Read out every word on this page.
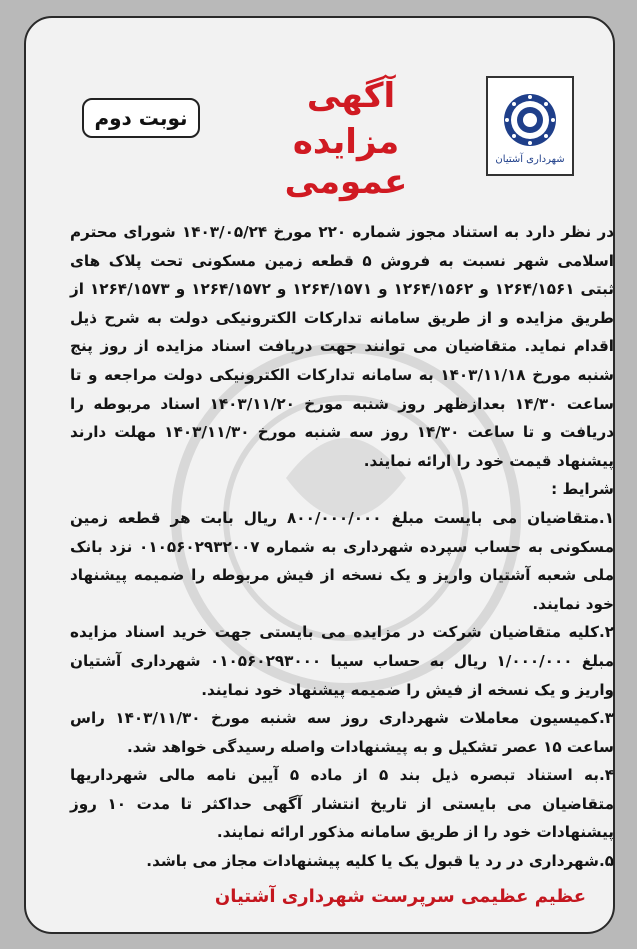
شهرداری آشتیان
آگهی
مزایده عمومی
نوبت دوم

در نظر دارد به استناد مجوز شماره ۲۲۰ مورخ ۱۴۰۳/۰۵/۲۴ شورای محترم اسلامی شهر نسبت به فروش ۵ قطعه زمین مسکونی تحت پلاک های ثبتی ۱۲۶۴/۱۵۶۱ و ۱۲۶۴/۱۵۶۲ و ۱۲۶۴/۱۵۷۱ و ۱۲۶۴/۱۵۷۲ و ۱۲۶۴/۱۵۷۳ از طریق مزایده و از طریق سامانه تدارکات الکترونیکی دولت به شرح ذیل اقدام نماید. متقاضیان می توانند جهت دریافت اسناد مزایده از روز پنج شنبه مورخ ۱۴۰۳/۱۱/۱۸ به سامانه تدارکات الکترونیکی دولت مراجعه و تا ساعت ۱۴/۳۰ بعدازظهر روز شنبه مورخ ۱۴۰۳/۱۱/۲۰ اسناد مربوطه را دریافت و تا ساعت ۱۴/۳۰ روز سه شنبه مورخ ۱۴۰۳/۱۱/۳۰ مهلت دارند پیشنهاد قیمت خود را ارائه نمایند.

شرایط :

۱.متقاضیان می بایست مبلغ ۸۰۰/۰۰۰/۰۰۰ ریال بابت هر قطعه زمین مسکونی به حساب سپرده شهرداری به شماره ۰۱۰۵۶۰۲۹۳۲۰۰۷ نزد بانک ملی شعبه آشتیان واریز و یک نسخه از فیش مربوطه را ضمیمه پیشنهاد خود نمایند.

۲.کلیه متقاضیان شرکت در مزایده می بایستی جهت خرید اسناد مزایده مبلغ ۱/۰۰۰/۰۰۰ ریال به حساب سیبا ۰۱۰۵۶۰۲۹۳۰۰۰ شهرداری آشتیان واریز و یک نسخه از فیش را ضمیمه پیشنهاد خود نمایند.

۳.کمیسیون معاملات شهرداری روز سه شنبه مورخ ۱۴۰۳/۱۱/۳۰ راس ساعت ۱۵ عصر تشکیل و به پیشنهادات واصله رسیدگی خواهد شد.

۴.به استناد تبصره ذیل بند ۵ از ماده ۵ آیین نامه مالی شهرداریها متقاضیان می بایستی از تاریخ انتشار آگهی حداکثر تا مدت ۱۰ روز پیشنهادات خود را از طریق سامانه مذکور ارائه نمایند.

۵.شهرداری در رد یا قبول یک یا کلیه پیشنهادات مجاز می باشد.

عظیم عظیمی سرپرست شهرداری آشتیان
